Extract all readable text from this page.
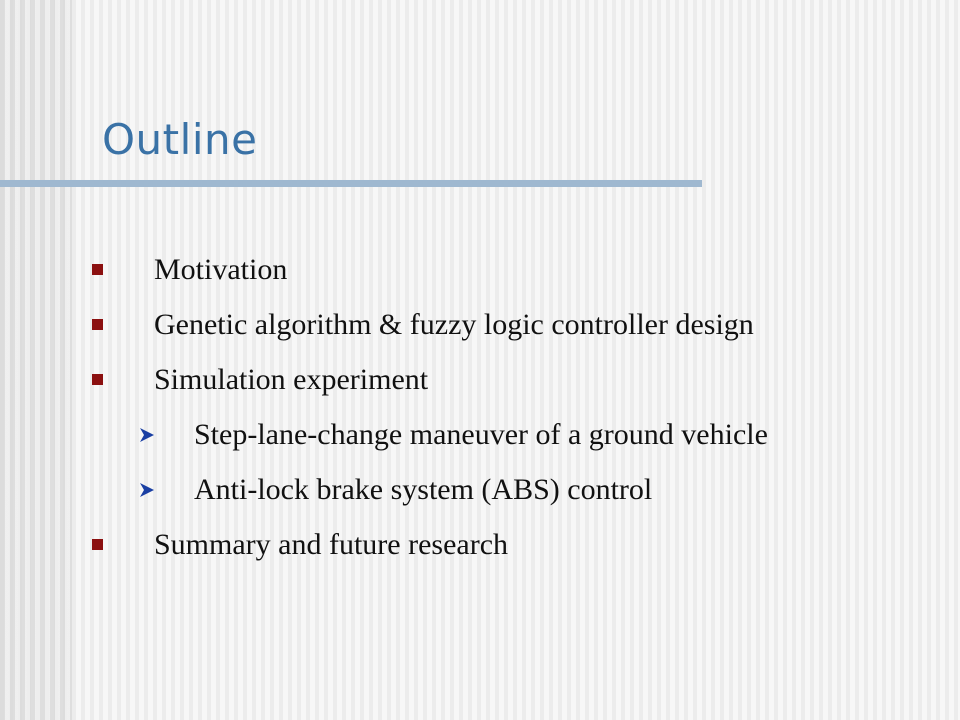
Outline
Motivation
Genetic algorithm & fuzzy logic controller design
Simulation experiment
Step-lane-change maneuver of a ground vehicle
Anti-lock brake system (ABS) control
Summary and future research
